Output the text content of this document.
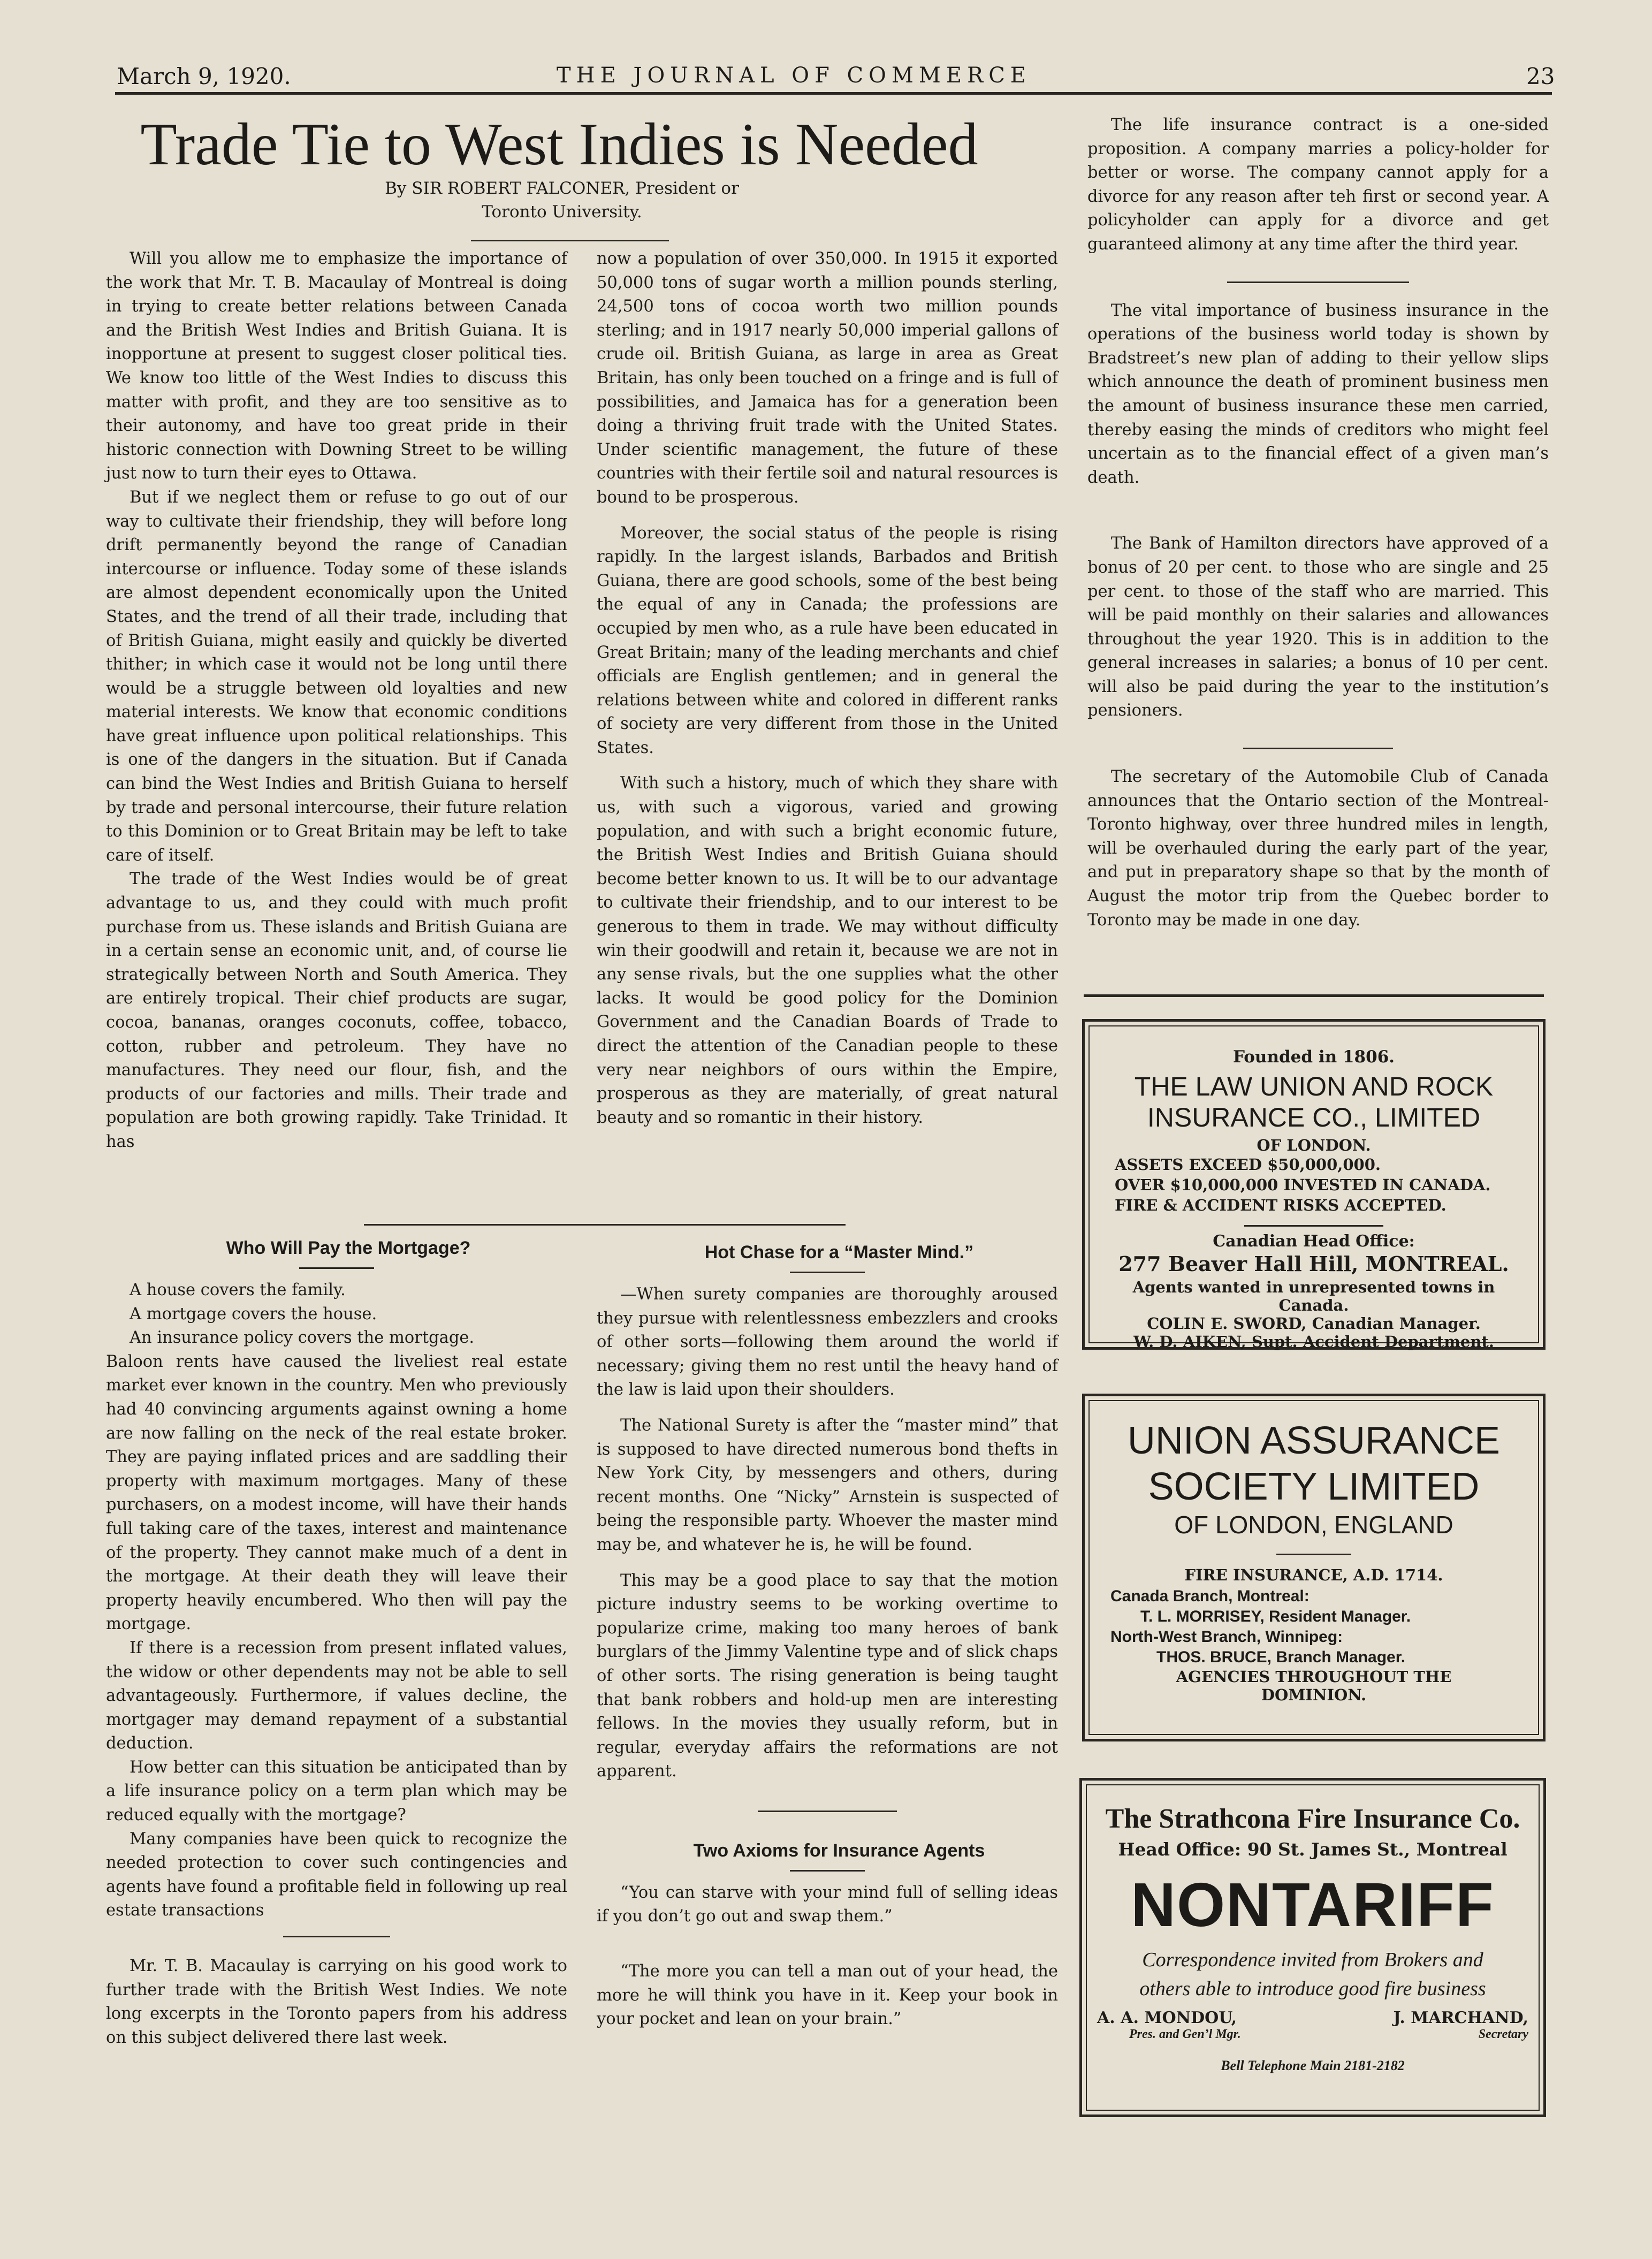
March 9, 1920.	THE JOURNAL OF COMMERCE	23
Trade Tie to West Indies is Needed
By SIR ROBERT FALCONER, President or
Toronto University.

Will you allow me to emphasize the importance of the work that Mr. T. B. Macaulay of Montreal is doing in trying to create better relations between Canada and the British West Indies and British Guiana. It is inopportune at present to suggest closer political ties. We know too little of the West Indies to discuss this matter with profit, and they are too sensitive as to their autonomy, and have too great pride in their historic connection with Downing Street to be willing just now to turn their eyes to Ottawa.

But if we neglect them or refuse to go out of our way to cultivate their friendship, they will before long drift permanently beyond the range of Canadian intercourse or influence. Today some of these islands are almost dependent economically upon the United States, and the trend of all their trade, including that of British Guiana, might easily and quickly be diverted thither; in which case it would not be long until there would be a struggle between old loyalties and new material interests. We know that economic conditions have great influence upon political relationships. This is one of the dangers in the situation. But if Canada can bind the West Indies and British Guiana to herself by trade and personal intercourse, their future relation to this Dominion or to Great Britain may be left to take care of itself.

The trade of the West Indies would be of great advantage to us, and they could with much profit purchase from us. These islands and British Guiana are in a certain sense an economic unit, and, of course lie strategically between North and South America. They are entirely tropical. Their chief products are sugar, cocoa, bananas, oranges coconuts, coffee, tobacco, cotton, rubber and petroleum. They have no manufactures. They need our flour, fish, and the products of our factories and mills. Their trade and population are both growing rapidly. Take Trinidad. It has

now a population of over 350,000. In 1915 it exported 50,000 tons of sugar worth a million pounds sterling, 24,500 tons of cocoa worth two million pounds sterling; and in 1917 nearly 50,000 imperial gallons of crude oil. British Guiana, as large in area as Great Britain, has only been touched on a fringe and is full of possibilities, and Jamaica has for a generation been doing a thriving fruit trade with the United States. Under scientific management, the future of these countries with their fertile soil and natural resources is bound to be prosperous.

Moreover, the social status of the people is rising rapidly. In the largest islands, Barbados and British Guiana, there are good schools, some of the best being the equal of any in Canada; the professions are occupied by men who, as a rule have been educated in Great Britain; many of the leading merchants and chief officials are English gentlemen; and in general the relations between white and colored in different ranks of society are very different from those in the United States.

With such a history, much of which they share with us, with such a vigorous, varied and growing population, and with such a bright economic future, the British West Indies and British Guiana should become better known to us. It will be to our advantage to cultivate their friendship, and to our interest to be generous to them in trade. We may without difficulty win their goodwill and retain it, because we are not in any sense rivals, but the one supplies what the other lacks. It would be good policy for the Dominion Government and the Canadian Boards of Trade to direct the attention of the Canadian people to these very near neighbors of ours within the Empire, prosperous as they are materially, of great natural beauty and so romantic in their history.

Who Will Pay the Mortgage?

A house covers the family.

A mortgage covers the house.

An insurance policy covers the mortgage.

Baloon rents have caused the liveliest real estate market ever known in the country. Men who previously had 40 convincing arguments against owning a home are now falling on the neck of the real estate broker. They are paying inflated prices and are saddling their property with maximum mortgages. Many of these purchasers, on a modest income, will have their hands full taking care of the taxes, interest and maintenance of the property. They cannot make much of a dent in the mortgage. At their death they will leave their property heavily encumbered. Who then will pay the mortgage.

If there is a recession from present inflated values, the widow or other dependents may not be able to sell advantageously. Furthermore, if values decline, the mortgager may demand repayment of a substantial deduction.

How better can this situation be anticipated than by a life insurance policy on a term plan which may be reduced equally with the mortgage?

Many companies have been quick to recognize the needed protection to cover such contingencies and agents have found a profitable field in following up real estate transactions

Mr. T. B. Macaulay is carrying on his good work to further trade with the British West Indies. We note long excerpts in the Toronto papers from his address on this subject delivered there last week.

Hot Chase for a “Master Mind.”

—When surety companies are thoroughly aroused they pursue with relentlessness embezzlers and crooks of other sorts—following them around the world if necessary; giving them no rest until the heavy hand of the law is laid upon their shoulders.

The National Surety is after the “master mind” that is supposed to have directed numerous bond thefts in New York City, by messengers and others, during recent months. One “Nicky” Arnstein is suspected of being the responsible party. Whoever the master mind may be, and whatever he is, he will be found.

This may be a good place to say that the motion picture industry seems to be working overtime to popularize crime, making too many heroes of bank burglars of the Jimmy Valentine type and of slick chaps of other sorts. The rising generation is being taught that bank robbers and hold-up men are interesting fellows. In the movies they usually reform, but in regular, everyday affairs the reformations are not apparent.

Two Axioms for Insurance Agents

“You can starve with your mind full of selling ideas if you don’t go out and swap them.”

“The more you can tell a man out of your head, the more he will think you have in it. Keep your book in your pocket and lean on your brain.”

The life insurance contract is a one-sided proposition. A company marries a policy-holder for better or worse. The company cannot apply for a divorce for any reason after teh first or second year. A policyholder can apply for a divorce and get guaranteed alimony at any time after the third year.

The vital importance of business insurance in the operations of the business world today is shown by Bradstreet’s new plan of adding to their yellow slips which announce the death of prominent business men the amount of business insurance these men carried, thereby easing the minds of creditors who might feel uncertain as to the financial effect of a given man’s death.

The Bank of Hamilton directors have approved of a bonus of 20 per cent. to those who are single and 25 per cent. to those of the staff who are married. This will be paid monthly on their salaries and allowances throughout the year 1920. This is in addition to the general increases in salaries; a bonus of 10 per cent. will also be paid during the year to the institution’s pensioners.

The secretary of the Automobile Club of Canada announces that the Ontario section of the Montreal-Toronto highway, over three hundred miles in length, will be overhauled during the early part of the year, and put in preparatory shape so that by the month of August the motor trip from the Quebec border to Toronto may be made in one day.

Founded in 1806.
THE LAW UNION AND ROCK
INSURANCE CO., LIMITED
OF LONDON.
ASSETS EXCEED $50,000,000.
OVER $10,000,000 INVESTED IN CANADA.
FIRE & ACCIDENT RISKS ACCEPTED.
Canadian Head Office:
277 Beaver Hall Hill, MONTREAL.
Agents wanted in unrepresented towns in
Canada.
COLIN E. SWORD, Canadian Manager.
W. D. AIKEN, Supt. Accident Department.
UNION ASSURANCE
SOCIETY LIMITED
OF LONDON, ENGLAND
FIRE INSURANCE, A.D. 1714.
Canada Branch, Montreal:
T. L. MORRISEY, Resident Manager.
North-West Branch, Winnipeg:
THOS. BRUCE, Branch Manager.
AGENCIES THROUGHOUT THE
DOMINION.
The Strathcona Fire Insurance Co.
Head Office: 90 St. James St., Montreal
NONTARIFF
Correspondence invited from Brokers and
others able to introduce good fire business
A. A. MONDOU,
Pres. and Gen’l Mgr.
J. MARCHAND,
Secretary
Bell Telephone Main 2181-2182
